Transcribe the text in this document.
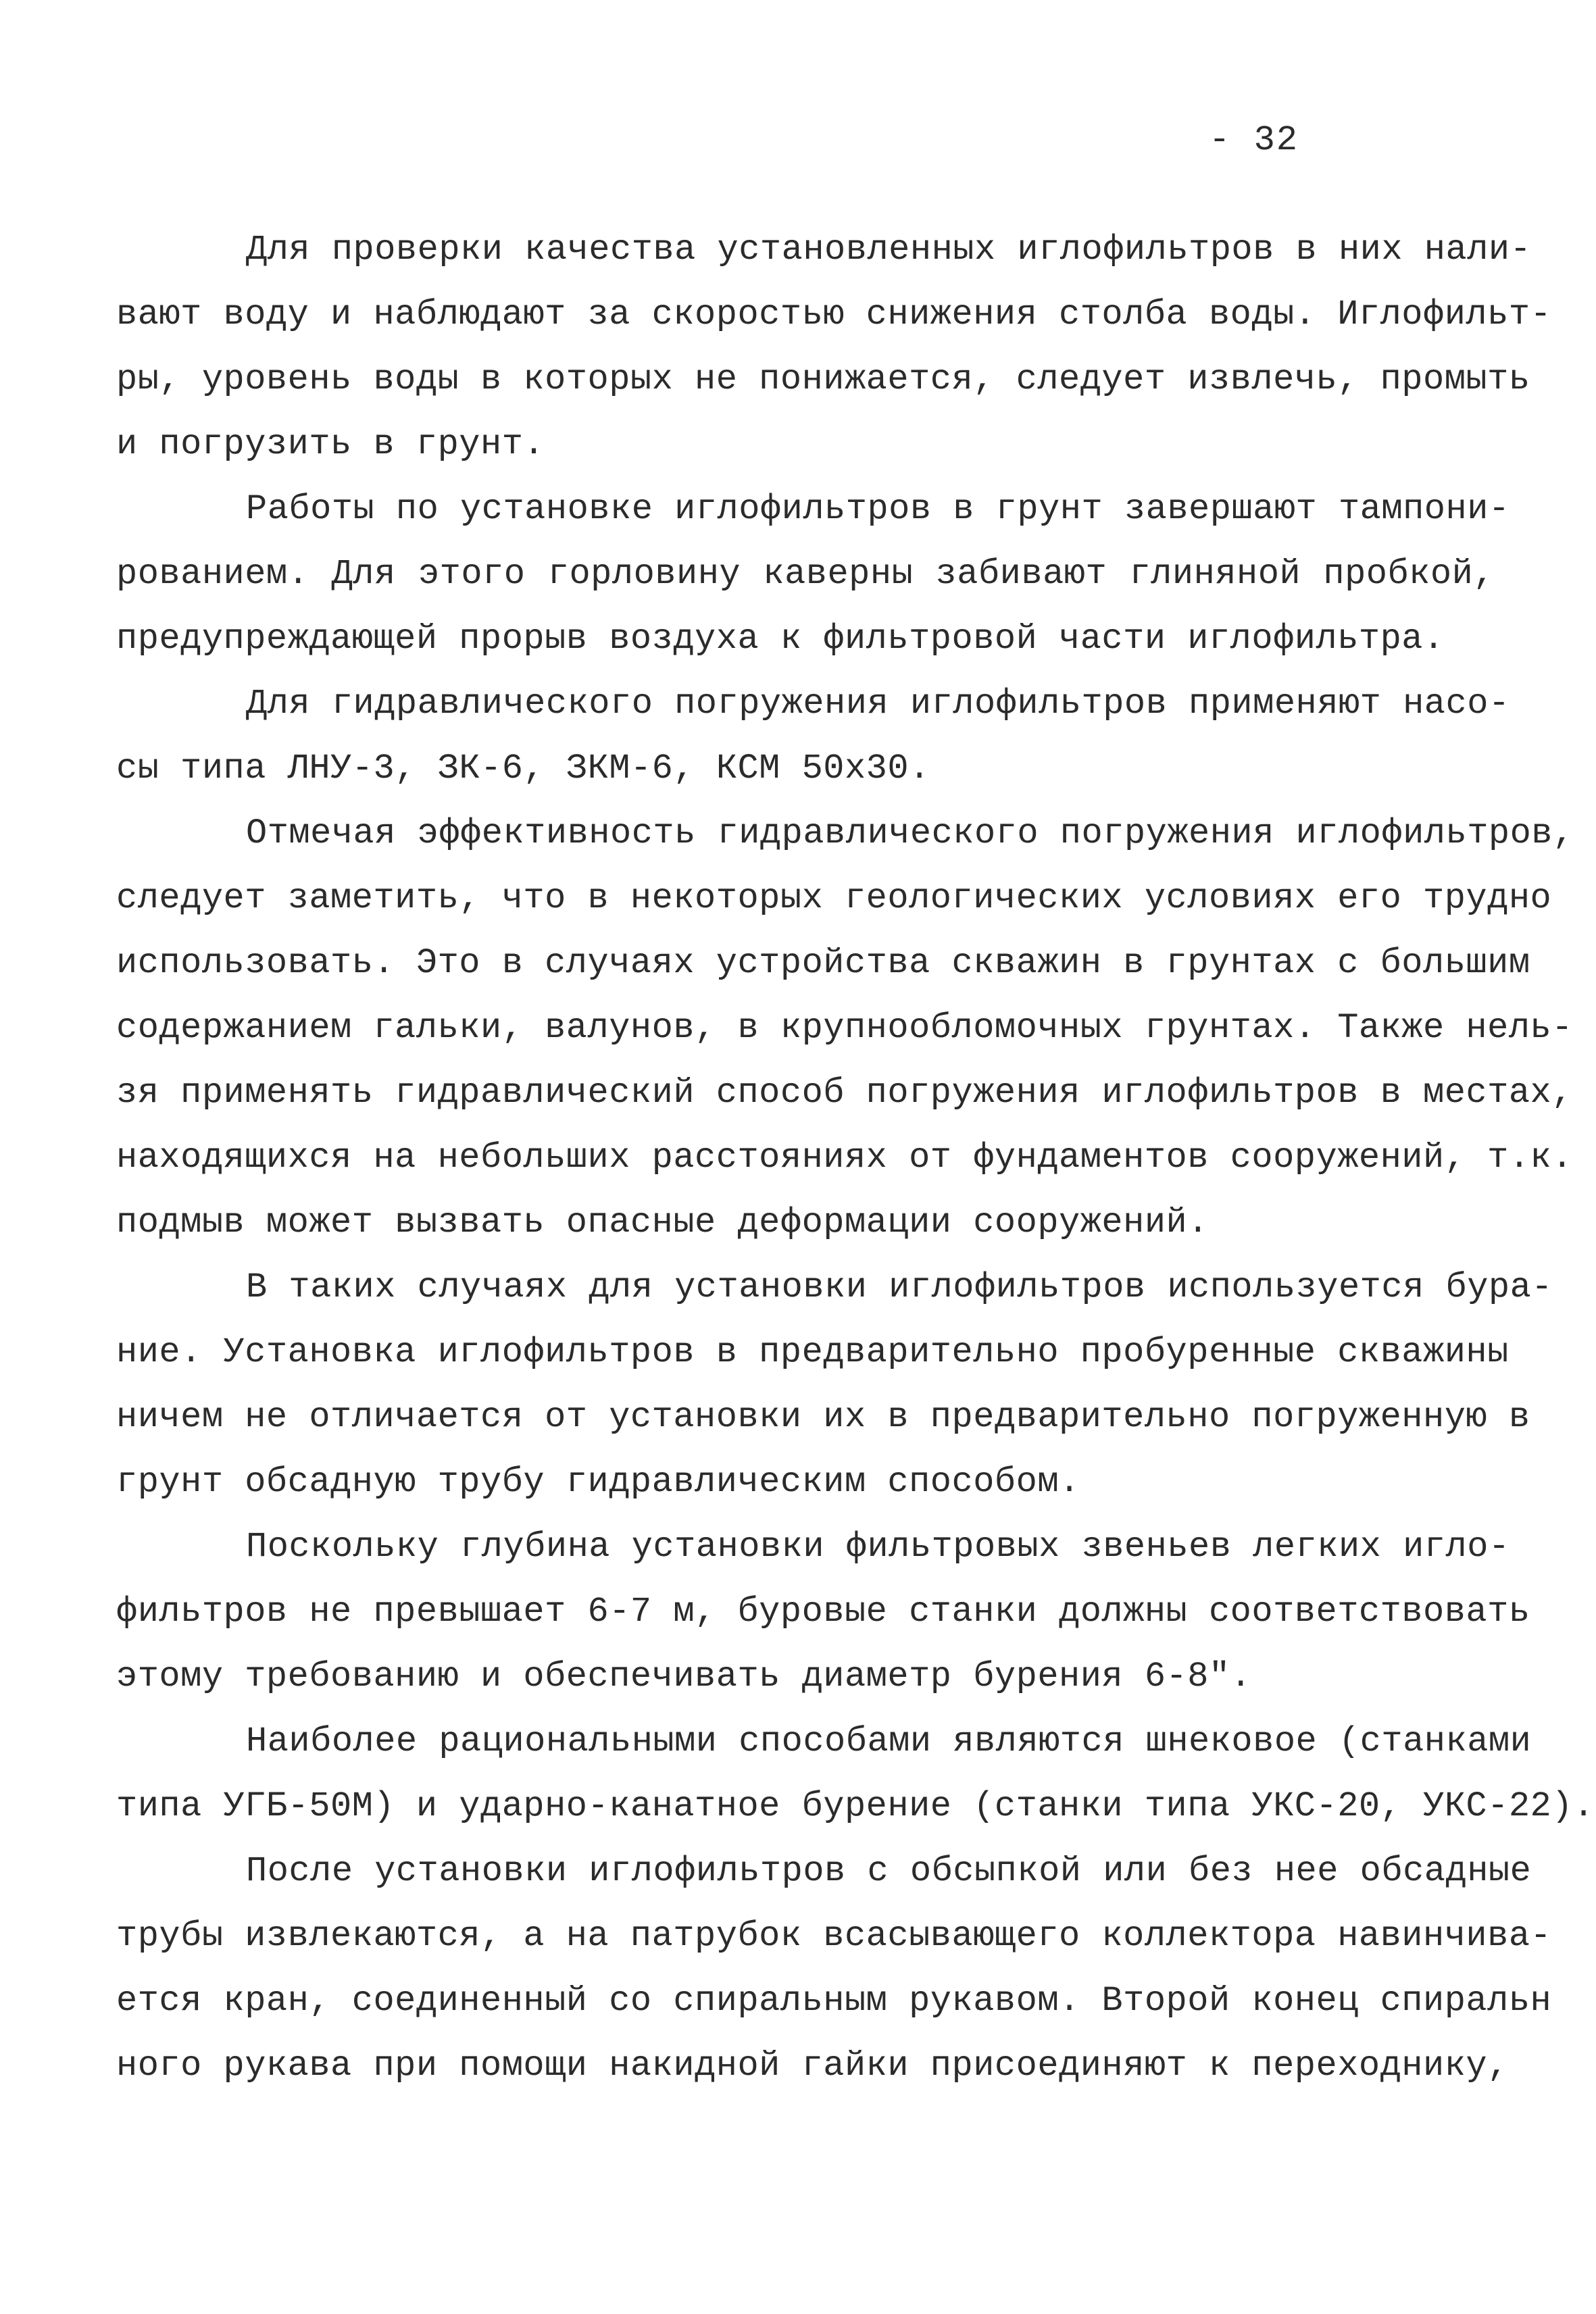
- 32
Для проверки качества установленных иглофильтров в них нали-
вают воду и наблюдают за скоростью снижения столба воды. Иглофильт-
ры, уровень воды в которых не понижается, следует извлечь, промыть
и погрузить в грунт.
Работы по установке иглофильтров в грунт завершают тампони-
рованием. Для этого горловину каверны забивают глиняной пробкой,
предупреждающей прорыв воздуха к фильтровой части иглофильтра.
Для гидравлического погружения иглофильтров применяют насо-
сы типа ЛНУ-3, ЗК-6, ЗКМ-6, КСМ 50х30.
Отмечая эффективность гидравлического погружения иглофильтров,
следует заметить, что в некоторых геологических условиях его трудно
использовать. Это в случаях устройства скважин в грунтах с большим
содержанием гальки, валунов, в крупнообломочных грунтах. Также нель-
зя применять гидравлический способ погружения иглофильтров в местах,
находящихся на небольших расстояниях от фундаментов сооружений, т.к.
подмыв может вызвать опасные деформации сооружений.
В таких случаях для установки иглофильтров используется бура-
ние. Установка иглофильтров в предварительно пробуренные скважины
ничем не отличается от установки их в предварительно погруженную в
грунт обсадную трубу гидравлическим способом.
Поскольку глубина установки фильтровых звеньев легких игло-
фильтров не превышает 6-7 м, буровые станки должны соответствовать
этому требованию и обеспечивать диаметр бурения 6-8".
Наиболее рациональными способами являются шнековое (станками
типа УГБ-50М) и ударно-канатное бурение (станки типа УКС-20, УКС-22).
После установки иглофильтров с обсыпкой или без нее обсадные
трубы извлекаются, а на патрубок всасывающего коллектора навинчива-
ется кран, соединенный со спиральным рукавом. Второй конец спиральн
ного рукава при помощи накидной гайки присоединяют к переходнику,
